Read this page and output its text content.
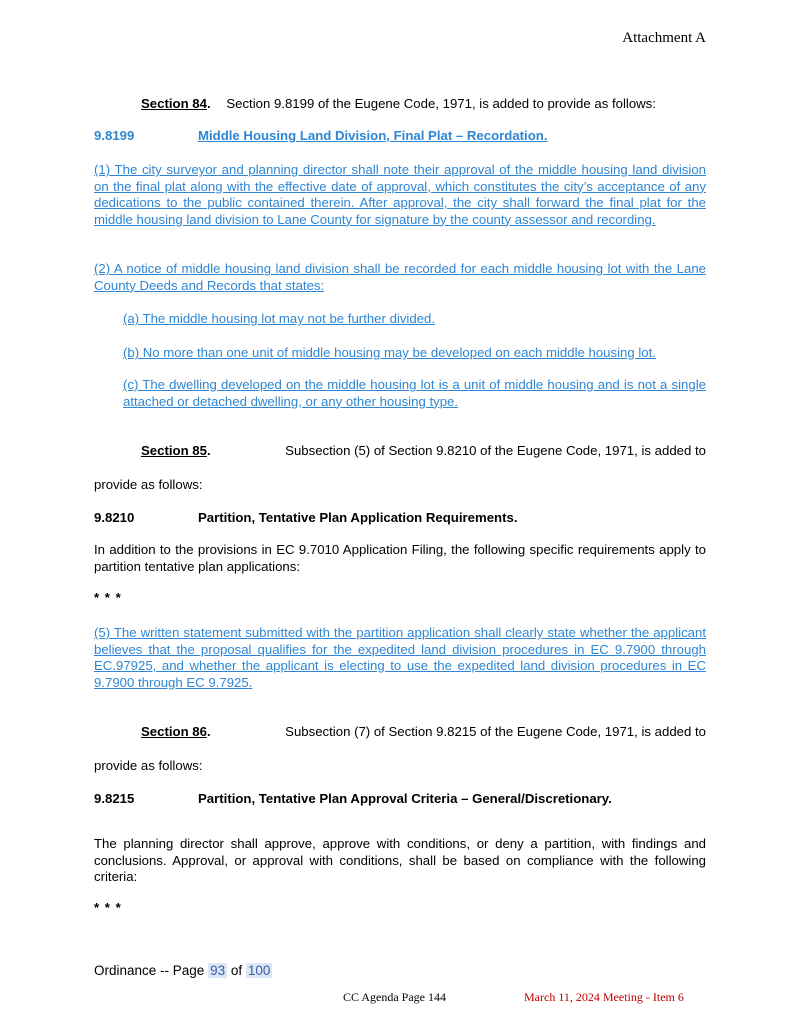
Attachment A
Section 84. Section 9.8199 of the Eugene Code, 1971, is added to provide as follows:
9.8199	Middle Housing Land Division, Final Plat – Recordation.
(1) The city surveyor and planning director shall note their approval of the middle housing land division on the final plat along with the effective date of approval, which constitutes the city’s acceptance of any dedications to the public contained therein. After approval, the city shall forward the final plat for the middle housing land division to Lane County for signature by the county assessor and recording.
(2) A notice of middle housing land division shall be recorded for each middle housing lot with the Lane County Deeds and Records that states:
(a) The middle housing lot may not be further divided.
(b) No more than one unit of middle housing may be developed on each middle housing lot.
(c) The dwelling developed on the middle housing lot is a unit of middle housing and is not a single attached or detached dwelling, or any other housing type.
Section 85.	Subsection (5) of Section 9.8210 of the Eugene Code, 1971, is added to
provide as follows:
9.8210	Partition, Tentative Plan Application Requirements.
In addition to the provisions in EC 9.7010 Application Filing, the following specific requirements apply to partition tentative plan applications:
* * *
(5) The written statement submitted with the partition application shall clearly state whether the applicant believes that the proposal qualifies for the expedited land division procedures in EC 9.7900 through EC.97925, and whether the applicant is electing to use the expedited land division procedures in EC 9.7900 through EC 9.7925.
Section 86.	Subsection (7) of Section 9.8215 of the Eugene Code, 1971, is added to
provide as follows:
9.8215	Partition, Tentative Plan Approval Criteria – General/Discretionary.
The planning director shall approve, approve with conditions, or deny a partition, with findings and conclusions. Approval, or approval with conditions, shall be based on compliance with the following criteria:
* * *
Ordinance -- Page 93 of 100
CC Agenda Page 144	March 11, 2024 Meeting - Item 6
